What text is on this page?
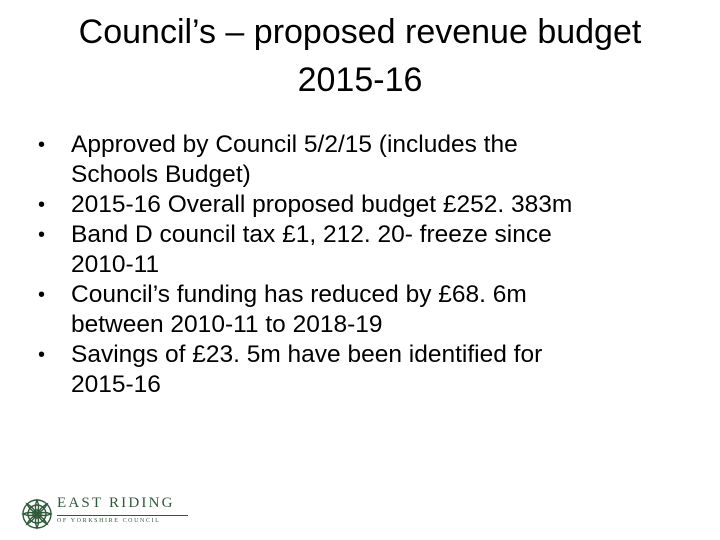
Council’s – proposed revenue budget
2015-16
• Approved by Council 5/2/15 (includes the
Schools Budget)
• 2015-16 Overall proposed budget £252. 383m
• Band D council tax £1, 212. 20- freeze since
2010-11
• Council’s funding has reduced by £68. 6m
between 2010-11 to 2018-19
• Savings of £23. 5m have been identified for
2015-16
EAST RIDING
OF YORKSHIRE COUNCIL
